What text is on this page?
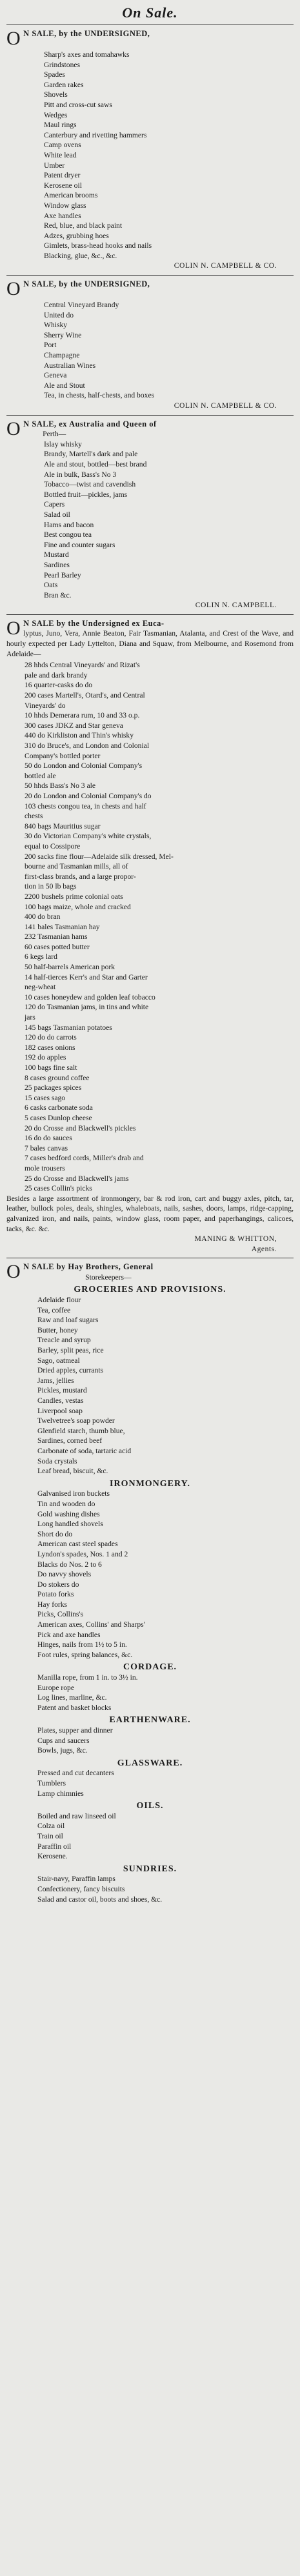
On Sale.
O N SALE, by the UNDERSIGNED,
Sharp's axes and tomahawks
Grindstones
Spades
Garden rakes
Shovels
Pitt and cross-cut saws
Wedges
Maul rings
Canterbury and rivetting hammers
Camp ovens
White lead
Umber
Patent dryer
Kerosene oil
American brooms
Window glass
Axe handles
Red, blue, and black paint
Adzes, grubbing hoes
Gimlets, brass-head hooks and nails
Blacking, glue, &c., &c.
COLIN N. CAMPBELL & CO.
O N SALE, by the UNDERSIGNED,
Central Vineyard Brandy
United do
Whisky
Sherry Wine
Port
Champagne
Australian Wines
Geneva
Ale and Stout
Tea, in chests, half-chests, and boxes
COLIN N. CAMPBELL & CO.
O N SALE, ex Australia and Queen of
Perth—
Islay whisky
Brandy, Martell's dark and pale
Ale and stout, bottled—best brand
Ale in bulk, Bass's No 3
Tobacco—twist and cavendish
Bottled fruit—pickles, jams
Capers
Salad oil
Hams and bacon
Best congou tea
Fine and counter sugars
Mustard
Sardines
Pearl Barley
Oats
Bran &c.
COLIN N. CAMPBELL.
O N SALE by the Undersigned ex Euca-
lyptus, Juno, Vera, Annie Beaton, Fair Tasmanian, Atalanta, and Crest of the Wave, and hourly expected per Lady Lyttelton, Diana and Squaw, from Melbourne, and Rosemond from Adelaide—
28 hhds Central Vineyards' and Rizat's
pale and dark brandy
16 quarter-casks do do
200 cases Martell's, Otard's, and Central
Vineyards' do
10 hhds Demerara rum, 10 and 33 o.p.
300 cases JDKZ and Star geneva
440 do Kirkliston and Thin's whisky
310 do Bruce's, and London and Colonial
Company's bottled porter
50 do London and Colonial Company's
bottled ale
50 hhds Bass's No 3 ale
20 do London and Colonial Company's do
103 chests congou tea, in chests and half
chests
840 bags Mauritius sugar
30 do Victorian Company's white crystals,
equal to Cossipore
200 sacks fine flour—Adelaide silk dressed, Mel-
bourne and Tasmanian mills, all of
first-class brands, and a large propor-
tion in 50 lb bags
2200 bushels prime colonial oats
100 bags maize, whole and cracked
400 do bran
141 bales Tasmanian hay
232 Tasmanian hams
60 cases potted butter
6 kegs lard
50 half-barrels American pork
14 half-tierces Kerr's and Star and Garter
neg-wheat
10 cases honeydew and golden leaf tobacco
120 do Tasmanian jams, in tins and white
jars
145 bags Tasmanian potatoes
120 do do carrots
182 cases onions
192 do apples
100 bags fine salt
8 cases ground coffee
25 packages spices
15 cases sago
6 casks carbonate soda
5 cases Dunlop cheese
20 do Crosse and Blackwell's pickles
16 do do sauces
7 bales canvas
7 cases bedford cords, Miller's drab and
mole trousers
25 do Crosse and Blackwell's jams
25 cases Collin's picks
Besides a large assortment of ironmongery, bar & rod iron, cart and buggy axles, pitch, tar, leather, bullock poles, deals, shingles, whaleboats, nails, sashes, doors, lamps, ridge-capping, galvanized iron, and nails, paints, window glass, room paper, and paperhangings, calicoes, tacks, &c. &c.
MANING & WHITTON,
Agents.
O N SALE by Hay Brothers, General
Storekeepers—
GROCERIES AND PROVISIONS.
Adelaide flour
Tea, coffee
Raw and loaf sugars
Butter, honey
Treacle and syrup
Barley, split peas, rice
Sago, oatmeal
Dried apples, currants
Jams, jellies
Pickles, mustard
Candles, vestas
Liverpool soap
Twelvetree's soap powder
Glenfield starch, thumb blue,
Sardines, corned beef
Carbonate of soda, tartaric acid
Soda crystals
Leaf bread, biscuit, &c.
IRONMONGERY.
Galvanised iron buckets
Tin and wooden do
Gold washing dishes
Long handled shovels
Short do do
American cast steel spades
Lyndon's spades, Nos. 1 and 2
Blacks do Nos. 2 to 6
Do navvy shovels
Do stokers do
Potato forks
Hay forks
Picks, Collins's
American axes, Collins' and Sharps'
Pick and axe handles
Hinges, nails from 1½ to 5 in.
Foot rules, spring balances, &c.
CORDAGE.
Manilla rope, from 1 in. to 3½ in.
Europe rope
Log lines, marline, &c.
Patent and basket blocks
EARTHENWARE.
Plates, supper and dinner
Cups and saucers
Bowls, jugs, &c.
GLASSWARE.
Pressed and cut decanters
Tumblers
Lamp chimnies
OILS.
Boiled and raw linseed oil
Colza oil
Train oil
Paraffin oil
Kerosene.
SUNDRIES.
Stair-navy, Paraffin lamps
Confectionery, fancy biscuits
Salad and castor oil, boots and shoes, &c.
